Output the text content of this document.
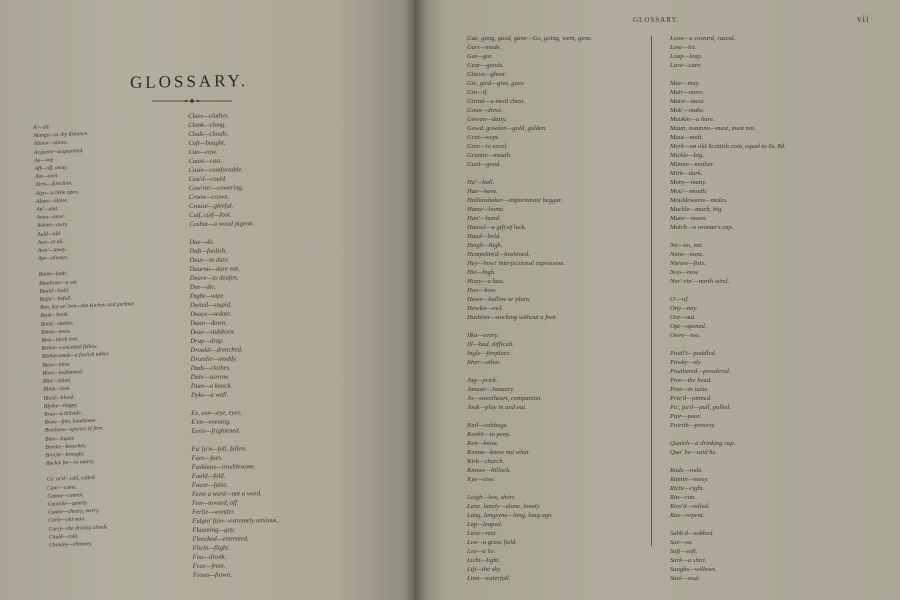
GLOSSARY.
A'—all.
Alangs—at shy distance.
Aboon—above.
Acquent—acquainted.
Ae—one.
Aff—off, away.
Ain—own.
Airts—direction.
Aiyo—a little open.
Alane—alone.
An'—and.
Aneu—once.
Ashint—awry.
Auld—old.
Ava—at all.
Awa'—away.
Aye—always.
Baith—both.
Baudrons—a cat.
Bauld—bold.
Bejin'—befall.
Ben, but an' ben—the kitchen and parlour.
Beuk—book.
Bield—shelter.
Biken—nests.
Birk—birch tree.
Birkie—conceited fellow.
Bletherumsk—a foolish talker.
Blaw—blow.
Blert—bedimmed.
Blin'—blind.
Blink—look.
Bluid—blood.
Blythe—happy.
Brae—a hillside.
Braw—fine, handsome.
Breckens—species of fern.
Bree—liquor.
Breeks—breeches.
Brocht—brought.
Buckle for—to marry.
Ca' or'd—call, called.
Cam'—came.
Canna—cannot.
Cannilie—quietly.
Cantie—cheery, merry.
Carle—old man.
Carry—the driving clouds.
Cauld—cold.
Chimley—chimney.
Claes—clothes.
Clank—clang.
Cluds—clouds.
Coft—bought.
Coo—cow.
Coost—cast.
Cosie—comfortable.
Cou'd—could.
Cow'rin'—cowering.
Croon—crown.
Crouse—gleeful.
Cuif, cuif—fool.
Cushat—a wood pigeon.
Dae—do.
Daft—foolish.
Daur—to dare.
Daurna—dare not.
Deave—to deafen.
Dee—die.
Dight—wipe.
Doited—stupid.
Douce—sedate.
Doun—down.
Dour—stubborn.
Drap—drop.
Drookit—drenched.
Drumlie—muddy.
Duds—clothes.
Dule—sorrow.
Dunt—a knock.
Dyke—a wall.
Ee, een—eye, eyes.
E'en—evening.
Eerie—frightened.
Fa' fa'n—fall, fallen.
Faes—foes.
Fashious—troublesome.
Fauld—fold.
Fause—false.
Feint a word—not a word.
Fen—toward, off.
Ferlie—wonder.
Fidgin' fain—extremely anxious.
Flaunting—gay.
Fleeched—entreated.
Flicht—flight.
Fou—drunk.
Frae—from.
Froun—frown.
GLOSSARY.	vii
Gae, gang, gaed, gane—Go, going, went, gone.
Gart—made.
Gat—got.
Gear—goods.
Ghaist—ghost.
Gie, gied—give, gave.
Gin—if.
Girnal—a meal chest.
Goun—dress.
Gowan—daisy.
Gowd, gowden—gold, golden.
Grat—wept.
Gree—to excel.
Gruntie—mouth.
Guid—good.
Ha'—hall.
Hae—have.
Hallanshaker—importunate beggar.
Hame—home.
Han'—hand.
Hansel—a gift of luck.
Haud—hold.
Heigh—high.
Hempshin'd—hoshined.
Hey—how! interjectional expression.
Hie—high.
Hizzy—a lass.
Hoo—how.
Howe—hollow or plain.
Howlet—owl.
Hushion—stocking without a foot.
Ilka—every.
Ill—bad, difficult.
Ingle—fireplace.
Ither—other.
Jag—prick.
Januar—January.
Jo—sweetheart, companion.
Jouk—play in and out.
Kail—cabbage.
Keekit—to peep.
Ken—know.
Kenna—know not what.
Kirk—church.
Knowe—hillock.
Kye—cow.
Laigh—low, short.
Lane, lanely—alone, lonely.
Lang, langsyne—long, long ago.
Lap—leaped.
Lave—rest.
Lea—a grass field.
Lee—a lie.
Licht—light.
Lift—the sky.
Linn—waterfall.
Loon—a coward, rascal.
Loot—let.
Loup—leap.
Luve—care.
Mae—may.
Mair—more.
Maist—most.
Mak'—make.
Maukin—a hare.
Maun, maunna—must, must not.
Maut—malt.
Merk—an old Scottish coin, equal to 6s. 8d.
Mickle—big.
Minnie—mother.
Mirk—dark.
Mony—many.
Mou'—mouth.
Mouldewarts—moles.
Muckle—much, big.
Mune—moon.
Mutch—a woman's cap.
Na—no, not.
Nane—none.
Nieves—fists.
Noo—now.
Nor'-rin'—north wind.
O'—of.
Ony—any.
Oot—out.
Opt—opened.
Owre—too.
Paidl't—paddled.
Pawky—sly.
Pouthered—powdered.
Pow—the head.
Pree—to taste.
Prie'd—pinned.
Pu', pu'd—pull, pulled.
Puir—poor.
Puirith—poverty.
Quaich—a drinking cup.
Quo' he—said he.
Rade—rode.
Rantin—noisy.
Richt—right.
Rin—run.
Row'd—rolled.
Rue—repent.
Sabb'd—sobbed.
Sae—so.
Saft—soft.
Sark—a shirt.
Saughs—willows.
Saul—soul.
